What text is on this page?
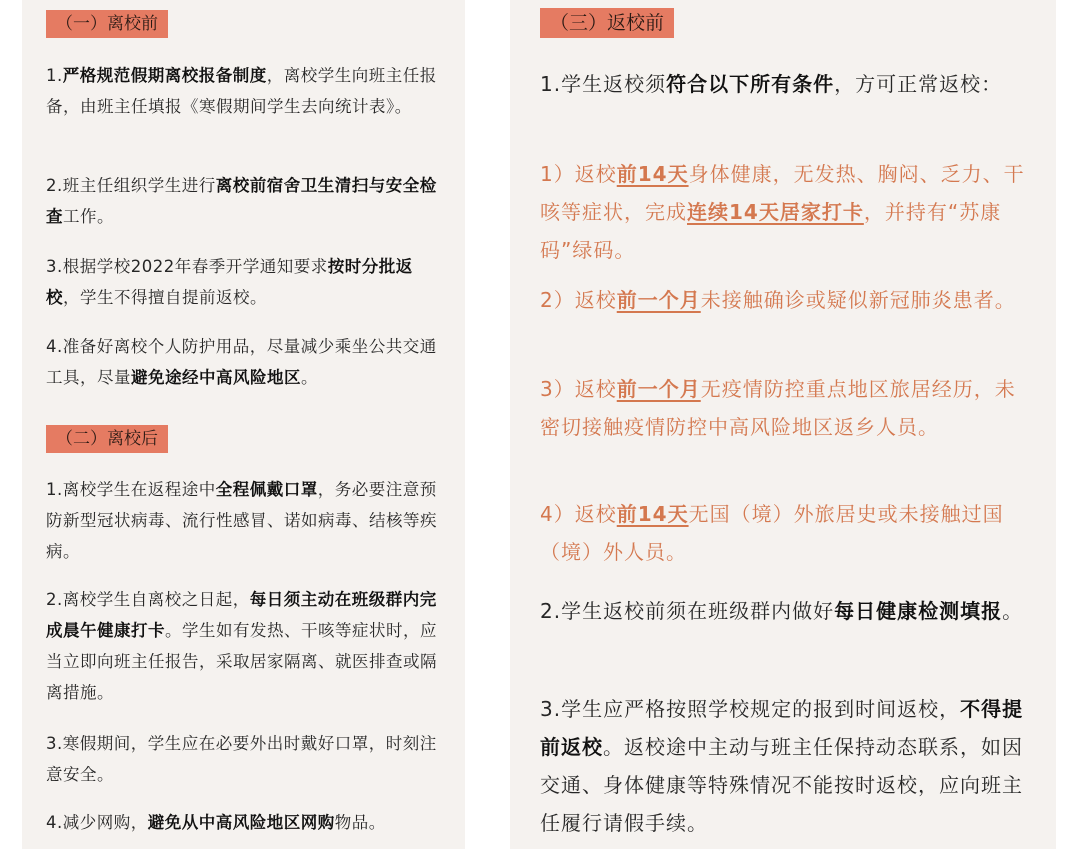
（一）离校前

1.严格规范假期离校报备制度，离校学生向班主任报备，由班主任填报《寒假期间学生去向统计表》。

2.班主任组织学生进行离校前宿舍卫生清扫与安全检查工作。

3.根据学校2022年春季开学通知要求按时分批返校，学生不得擅自提前返校。

4.准备好离校个人防护用品，尽量减少乘坐公共交通工具，尽量避免途经中高风险地区。

（二）离校后

1.离校学生在返程途中全程佩戴口罩，务必要注意预防新型冠状病毒、流行性感冒、诺如病毒、结核等疾病。

2.离校学生自离校之日起，每日须主动在班级群内完成晨午健康打卡。学生如有发热、干咳等症状时，应当立即向班主任报告，采取居家隔离、就医排查或隔离措施。

3.寒假期间，学生应在必要外出时戴好口罩，时刻注意安全。

4.减少网购，避免从中高风险地区网购物品。

（三）返校前

1.学生返校须符合以下所有条件，方可正常返校：

1）返校前14天身体健康，无发热、胸闷、乏力、干咳等症状，完成连续14天居家打卡，并持有“苏康码”绿码。

2）返校前一个月未接触确诊或疑似新冠肺炎患者。

3）返校前一个月无疫情防控重点地区旅居经历，未密切接触疫情防控中高风险地区返乡人员。

4）返校前14天无国（境）外旅居史或未接触过国（境）外人员。

2.学生返校前须在班级群内做好每日健康检测填报。

3.学生应严格按照学校规定的报到时间返校，不得提前返校。返校途中主动与班主任保持动态联系，如因交通、身体健康等特殊情况不能按时返校，应向班主任履行请假手续。
